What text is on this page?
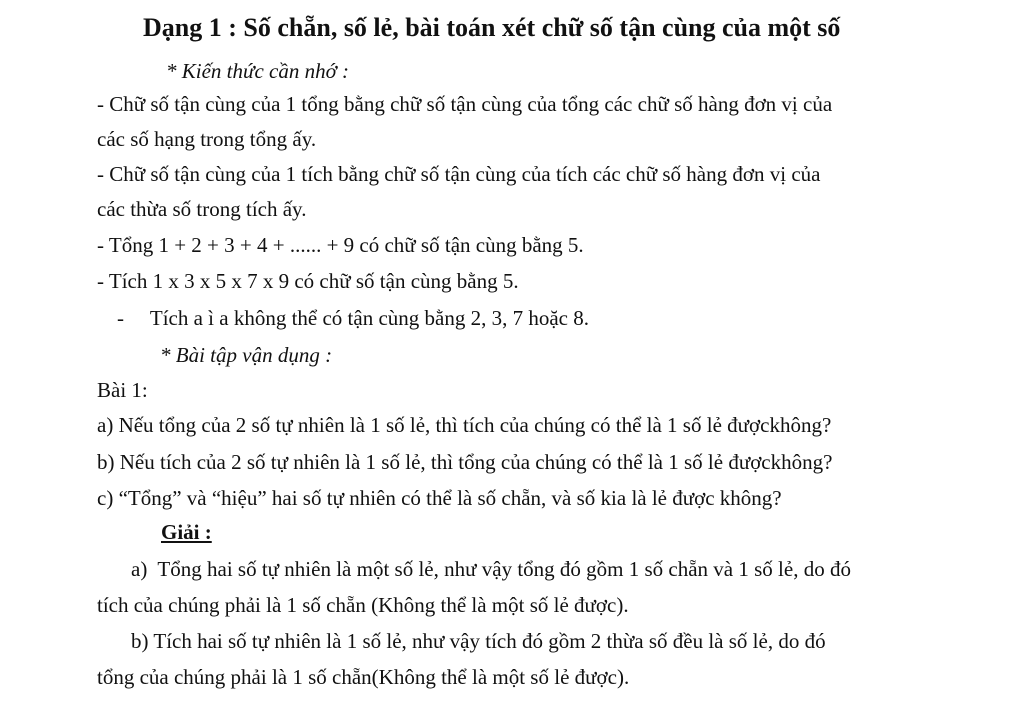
Dạng 1 : Số chẵn, số lẻ, bài toán xét chữ số tận cùng của một số
* Kiến thức cần nhớ :
- Chữ số tận cùng của 1 tổng bằng chữ số tận cùng của tổng các chữ số hàng đơn vị của
các số hạng trong tổng ấy.
- Chữ số tận cùng của 1 tích bằng chữ số tận cùng của tích các chữ số hàng đơn vị của
các thừa số trong tích ấy.
- Tổng 1 + 2 + 3 + 4 + ...... + 9 có chữ số tận cùng bằng 5.
- Tích 1 x 3 x 5 x 7 x 9 có chữ số tận cùng bằng 5.
-     Tích a ì a không thể có tận cùng bằng 2, 3, 7 hoặc 8.
* Bài tập vận dụng :
Bài 1:
a) Nếu tổng của 2 số tự nhiên là 1 số lẻ, thì tích của chúng có thể là 1 số lẻ đượckhông?
b) Nếu tích của 2 số tự nhiên là 1 số lẻ, thì tổng của chúng có thể là 1 số lẻ đượckhông?
c) “Tổng” và “hiệu” hai số tự nhiên có thể là số chẵn, và số kia là lẻ được không?
Giải :
a)  Tổng hai số tự nhiên là một số lẻ, như vậy tổng đó gồm 1 số chẵn và 1 số lẻ, do đó
tích của chúng phải là 1 số chẵn (Không thể là một số lẻ được).
b) Tích hai số tự nhiên là 1 số lẻ, như vậy tích đó gồm 2 thừa số đều là số lẻ, do đó
tổng của chúng phải là 1 số chẵn(Không thể là một số lẻ được).
